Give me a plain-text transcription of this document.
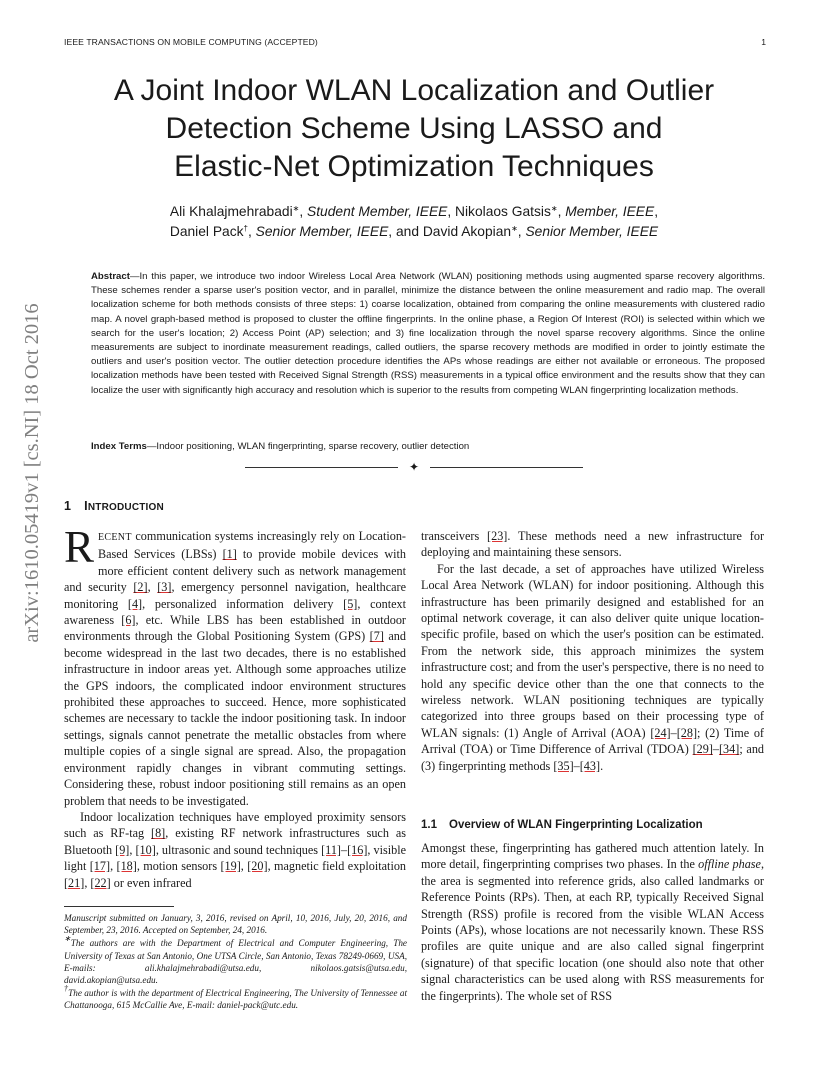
IEEE TRANSACTIONS ON MOBILE COMPUTING (ACCEPTED)	1
A Joint Indoor WLAN Localization and Outlier
Detection Scheme Using LASSO and
Elastic-Net Optimization Techniques
Ali Khalajmehrabadi∗, Student Member, IEEE, Nikolaos Gatsis∗, Member, IEEE,
Daniel Pack†, Senior Member, IEEE, and David Akopian∗, Senior Member, IEEE
Abstract—In this paper, we introduce two indoor Wireless Local Area Network (WLAN) positioning methods using augmented sparse recovery algorithms. These schemes render a sparse user's position vector, and in parallel, minimize the distance between the online measurement and radio map. The overall localization scheme for both methods consists of three steps: 1) coarse localization, obtained from comparing the online measurements with clustered radio map. A novel graph-based method is proposed to cluster the offline fingerprints. In the online phase, a Region Of Interest (ROI) is selected within which we search for the user's location; 2) Access Point (AP) selection; and 3) fine localization through the novel sparse recovery algorithms. Since the online measurements are subject to inordinate measurement readings, called outliers, the sparse recovery methods are modified in order to jointly estimate the outliers and user's position vector. The outlier detection procedure identifies the APs whose readings are either not available or erroneous. The proposed localization methods have been tested with Received Signal Strength (RSS) measurements in a typical office environment and the results show that they can localize the user with significantly high accuracy and resolution which is superior to the results from competing WLAN fingerprinting localization methods.
Index Terms—Indoor positioning, WLAN fingerprinting, sparse recovery, outlier detection
✦
arXiv:1610.05419v1 [cs.NI] 18 Oct 2016 1 INTRODUCTION

RECENT communication systems increasingly rely on Location-Based Services (LBSs) [1] to provide mobile devices with more efficient content delivery such as network management and security [2], [3], emergency personnel navigation, healthcare monitoring [4], personalized information delivery [5], context awareness [6], etc. While LBS has been established in outdoor environments through the Global Positioning System (GPS) [7] and become widespread in the last two decades, there is no established infrastructure in indoor areas yet. Although some approaches utilize the GPS indoors, the complicated indoor environment structures prohibited these approaches to succeed. Hence, more sophisticated schemes are necessary to tackle the indoor positioning task. In indoor settings, signals cannot penetrate the metallic obstacles from where multiple copies of a single signal are spread. Also, the propagation environment rapidly changes in vibrant commuting settings. Considering these, robust indoor positioning still remains as an open problem that needs to be investigated.

Indoor localization techniques have employed proximity sensors such as RF-tag [8], existing RF network infrastructures such as Bluetooth [9], [10], ultrasonic and sound techniques [11]–[16], visible light [17], [18], motion sensors [19], [20], magnetic field exploitation [21], [22] or even infrared

Manuscript submitted on January, 3, 2016, revised on April, 10, 2016, July, 20, 2016, and September, 23, 2016. Accepted on September, 24, 2016.

∗The authors are with the Department of Electrical and Computer Engineering, The University of Texas at San Antonio, One UTSA Circle, San Antonio, Texas 78249-0669, USA, E-mails: ali.khalajmehrabadi@utsa.edu, nikolaos.gatsis@utsa.edu, david.akopian@utsa.edu.

†The author is with the department of Electrical Engineering, The University of Tennessee at Chattanooga, 615 McCallie Ave, E-mail: daniel-pack@utc.edu.

transceivers [23]. These methods need a new infrastructure for deploying and maintaining these sensors.

For the last decade, a set of approaches have utilized Wireless Local Area Network (WLAN) for indoor positioning. Although this infrastructure has been primarily designed and established for an optimal network coverage, it can also deliver quite unique location-specific profile, based on which the user's position can be estimated. From the network side, this approach minimizes the system infrastructure cost; and from the user's perspective, there is no need to hold any specific device other than the one that connects to the wireless network. WLAN positioning techniques are typically categorized into three groups based on their processing type of WLAN signals: (1) Angle of Arrival (AOA) [24]–[28]; (2) Time of Arrival (TOA) or Time Difference of Arrival (TDOA) [29]–[34]; and (3) fingerprinting methods [35]–[43].

1.1 Overview of WLAN Fingerprinting Localization

Amongst these, fingerprinting has gathered much attention lately. In more detail, fingerprinting comprises two phases. In the offline phase, the area is segmented into reference grids, also called landmarks or Reference Points (RPs). Then, at each RP, typically Received Signal Strength (RSS) profile is recored from the visible WLAN Access Points (APs), whose locations are not necessarily known. These RSS profiles are quite unique and are also called signal fingerprint (signature) of that specific location (one should also note that other signal characteristics can be used along with RSS measurements for the fingerprints). The whole set of RSS
